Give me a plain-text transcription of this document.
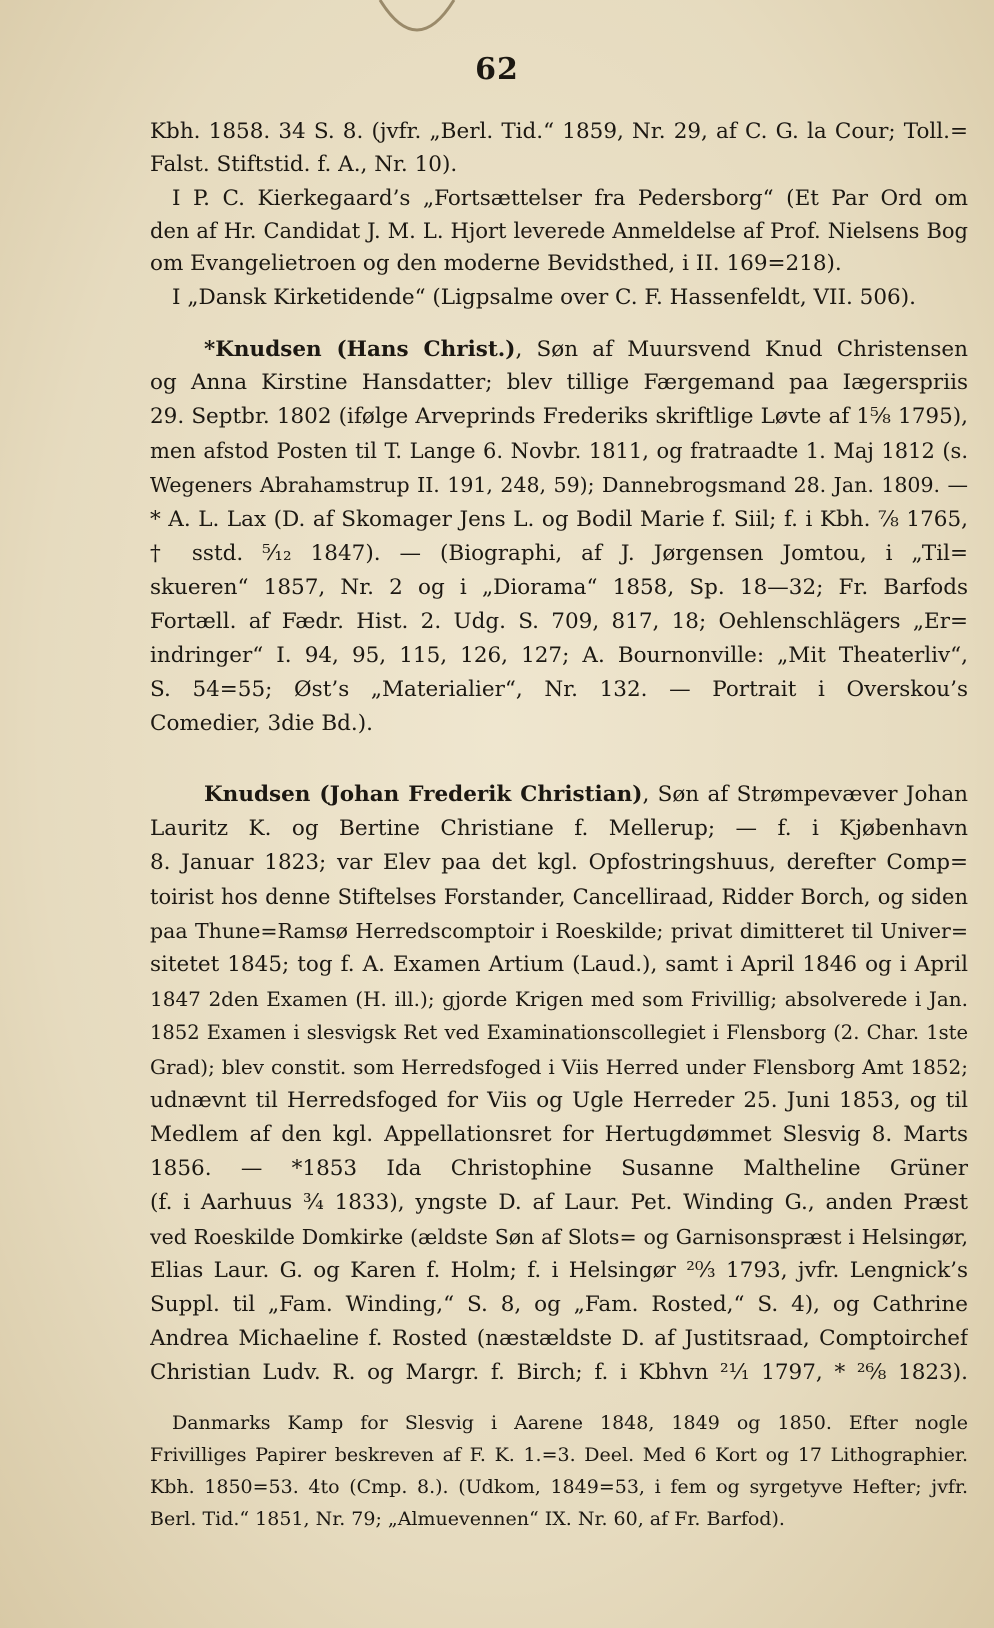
62
Kbh. 1858. 34 S. 8. (jvfr. „Berl. Tid.“ 1859, Nr. 29, af C. G. la Cour; Toll.=
Falst. Stiftstid. f. A., Nr. 10).
I P. C. Kierkegaard’s „Fortsættelser fra Pedersborg“ (Et Par Ord om
den af Hr. Candidat J. M. L. Hjort leverede Anmeldelse af Prof. Nielsens Bog
om Evangelietroen og den moderne Bevidsthed, i II. 169=218).
I „Dansk Kirketidende“ (Ligpsalme over C. F. Hassenfeldt, VII. 506).
*Knudsen (Hans Christ.), Søn af Muursvend Knud Christensen
og Anna Kirstine Hansdatter; blev tillige Færgemand paa Iægerspriis
29. Septbr. 1802 (ifølge Arveprinds Frederiks skriftlige Løvte af 1⁵⁄₈ 1795),
men afstod Posten til T. Lange 6. Novbr. 1811, og fratraadte 1. Maj 1812 (s.
Wegeners Abrahamstrup II. 191, 248, 59); Dannebrogsmand 28. Jan. 1809. —
* A. L. Lax (D. af Skomager Jens L. og Bodil Marie f. Siil; f. i Kbh. ⅞ 1765,
† sstd. ⁵⁄₁₂ 1847). — (Biographi, af J. Jørgensen Jomtou, i „Til=
skueren“ 1857, Nr. 2 og i „Diorama“ 1858, Sp. 18—32; Fr. Barfods
Fortæll. af Fædr. Hist. 2. Udg. S. 709, 817, 18; Oehlenschlägers „Er=
indringer“ I. 94, 95, 115, 126, 127; A. Bournonville: „Mit Theaterliv“,
S. 54=55; Øst’s „Materialier“, Nr. 132. — Portrait i Overskou’s
Comedier, 3die Bd.).
Knudsen (Johan Frederik Christian), Søn af Strømpevæver Johan
Lauritz K. og Bertine Christiane f. Mellerup; — f. i Kjøbenhavn
8. Januar 1823; var Elev paa det kgl. Opfostringshuus, derefter Comp=
toirist hos denne Stiftelses Forstander, Cancelliraad, Ridder Borch, og siden
paa Thune=Ramsø Herredscomptoir i Roeskilde; privat dimitteret til Univer=
sitetet 1845; tog f. A. Examen Artium (Laud.), samt i April 1846 og i April
1847 2den Examen (H. ill.); gjorde Krigen med som Frivillig; absolverede i Jan.
1852 Examen i slesvigsk Ret ved Examinationscollegiet i Flensborg (2. Char. 1ste
Grad); blev constit. som Herredsfoged i Viis Herred under Flensborg Amt 1852;
udnævnt til Herredsfoged for Viis og Ugle Herreder 25. Juni 1853, og til
Medlem af den kgl. Appellationsret for Hertugdømmet Slesvig 8. Marts
1856. — *1853 Ida Christophine Susanne Maltheline Grüner
(f. i Aarhuus ¾ 1833), yngste D. af Laur. Pet. Winding G., anden Præst
ved Roeskilde Domkirke (ældste Søn af Slots= og Garnisonspræst i Helsingør,
Elias Laur. G. og Karen f. Holm; f. i Helsingør ²⁰⁄₃ 1793, jvfr. Lengnick’s
Suppl. til „Fam. Winding,“ S. 8, og „Fam. Rosted,“ S. 4), og Cathrine
Andrea Michaeline f. Rosted (næstældste D. af Justitsraad, Comptoirchef
Christian Ludv. R. og Margr. f. Birch; f. i Kbhvn ²¹⁄₁ 1797, * ²⁶⁄₈ 1823).
Danmarks Kamp for Slesvig i Aarene 1848, 1849 og 1850. Efter nogle
Frivilliges Papirer beskreven af F. K. 1.=3. Deel. Med 6 Kort og 17 Lithographier.
Kbh. 1850=53. 4to (Cmp. 8.). (Udkom, 1849=53, i fem og syrgetyve Hefter; jvfr.
Berl. Tid.“ 1851, Nr. 79; „Almuevennen“ IX. Nr. 60, af Fr. Barfod).
